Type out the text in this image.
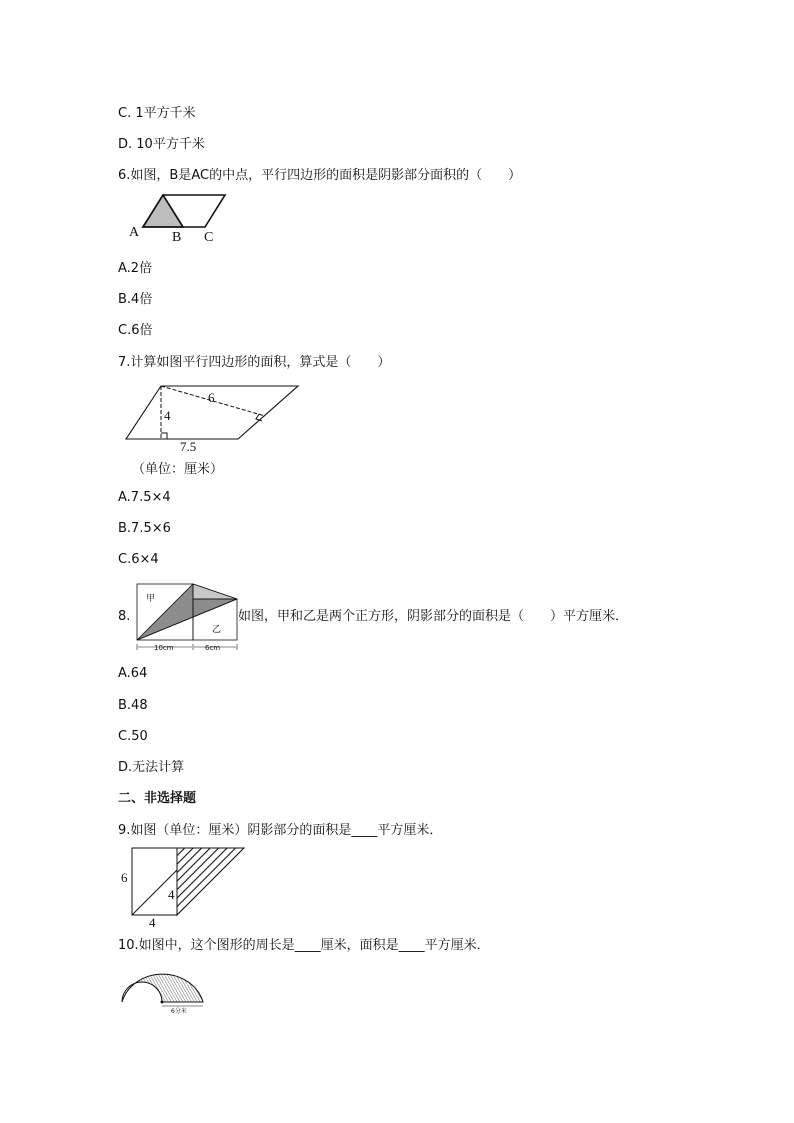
C. 1平方千米
D. 10平方千米
6.如图，B是AC的中点，平行四边形的面积是阴影部分面积的（　　）
A B C
A.2倍
B.4倍
C.6倍
7.计算如图平行四边形的面积，算式是（　　）
4
6
7.5
（单位：厘米）
A.7.5×4
B.7.5×6
C.6×4
8.
甲
乙
10cm	6cm
如图，甲和乙是两个正方形，阴影部分的面积是（　　）平方厘米．
A.64
B.48
C.50
D.无法计算
二、非选择题
9.如图（单位：厘米）阴影部分的面积是____平方厘米．
6
4
4
10.如图中，这个图形的周长是____厘米，面积是____平方厘米．
6分米
